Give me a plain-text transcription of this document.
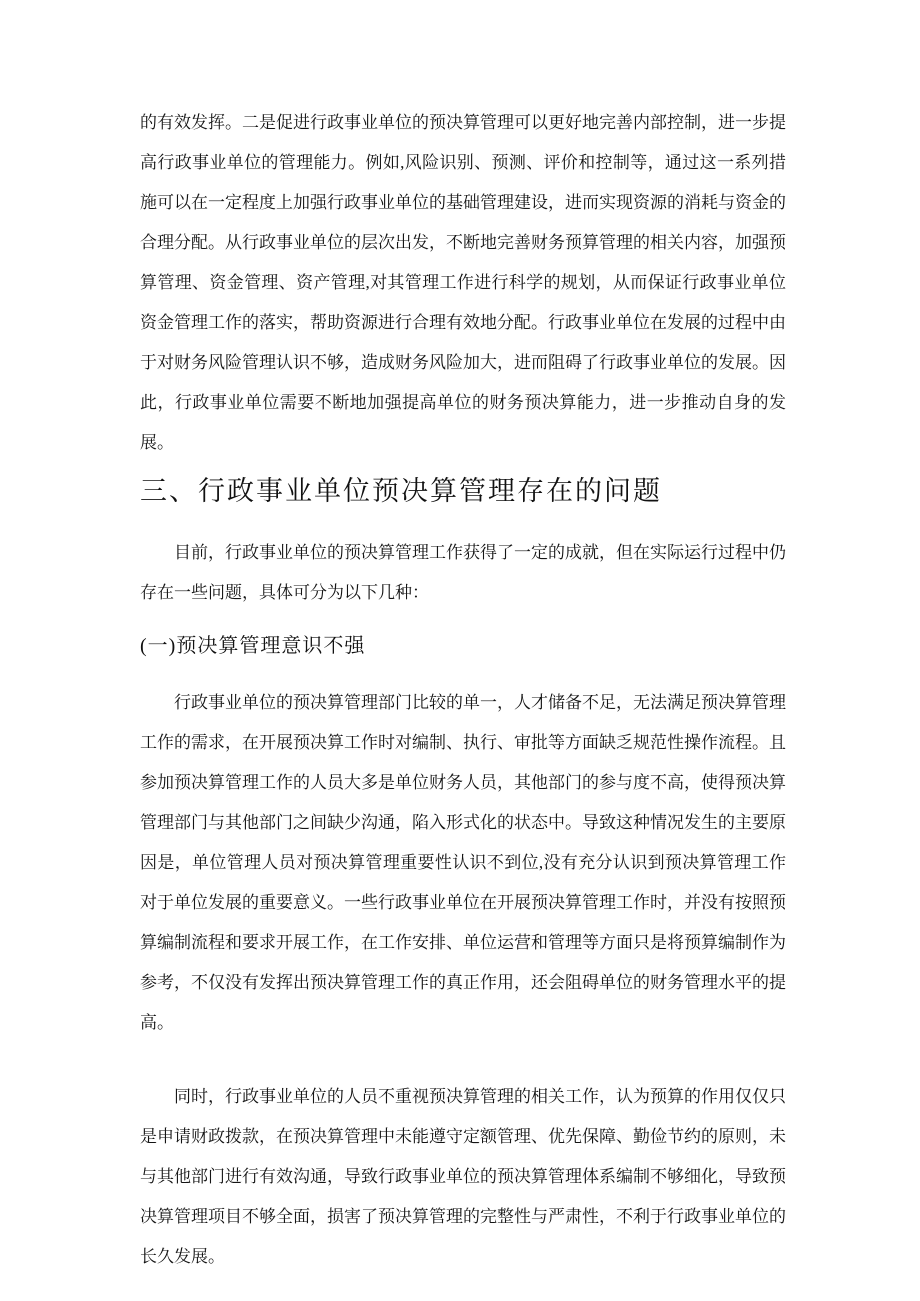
的有效发挥。二是促进行政事业单位的预决算管理可以更好地完善内部控制，进一步提高行政事业单位的管理能力。例如,风险识别、预测、评价和控制等，通过这一系列措施可以在一定程度上加强行政事业单位的基础管理建设，进而实现资源的消耗与资金的合理分配。从行政事业单位的层次出发，不断地完善财务预算管理的相关内容，加强预算管理、资金管理、资产管理,对其管理工作进行科学的规划，从而保证行政事业单位资金管理工作的落实，帮助资源进行合理有效地分配。行政事业单位在发展的过程中由于对财务风险管理认识不够，造成财务风险加大，进而阻碍了行政事业单位的发展。因此，行政事业单位需要不断地加强提高单位的财务预决算能力，进一步推动自身的发展。

三、行政事业单位预决算管理存在的问题

目前，行政事业单位的预决算管理工作获得了一定的成就，但在实际运行过程中仍存在一些问题，具体可分为以下几种：

(一)预决算管理意识不强

行政事业单位的预决算管理部门比较的单一，人才储备不足，无法满足预决算管理工作的需求，在开展预决算工作时对编制、执行、审批等方面缺乏规范性操作流程。且参加预决算管理工作的人员大多是单位财务人员，其他部门的参与度不高，使得预决算管理部门与其他部门之间缺少沟通，陷入形式化的状态中。导致这种情况发生的主要原因是，单位管理人员对预决算管理重要性认识不到位,没有充分认识到预决算管理工作对于单位发展的重要意义。一些行政事业单位在开展预决算管理工作时，并没有按照预算编制流程和要求开展工作，在工作安排、单位运营和管理等方面只是将预算编制作为参考，不仅没有发挥出预决算管理工作的真正作用，还会阻碍单位的财务管理水平的提高。

同时，行政事业单位的人员不重视预决算管理的相关工作，认为预算的作用仅仅只是申请财政拨款，在预决算管理中未能遵守定额管理、优先保障、勤俭节约的原则，未与其他部门进行有效沟通，导致行政事业单位的预决算管理体系编制不够细化，导致预决算管理项目不够全面，损害了预决算管理的完整性与严肃性，不利于行政事业单位的长久发展。
